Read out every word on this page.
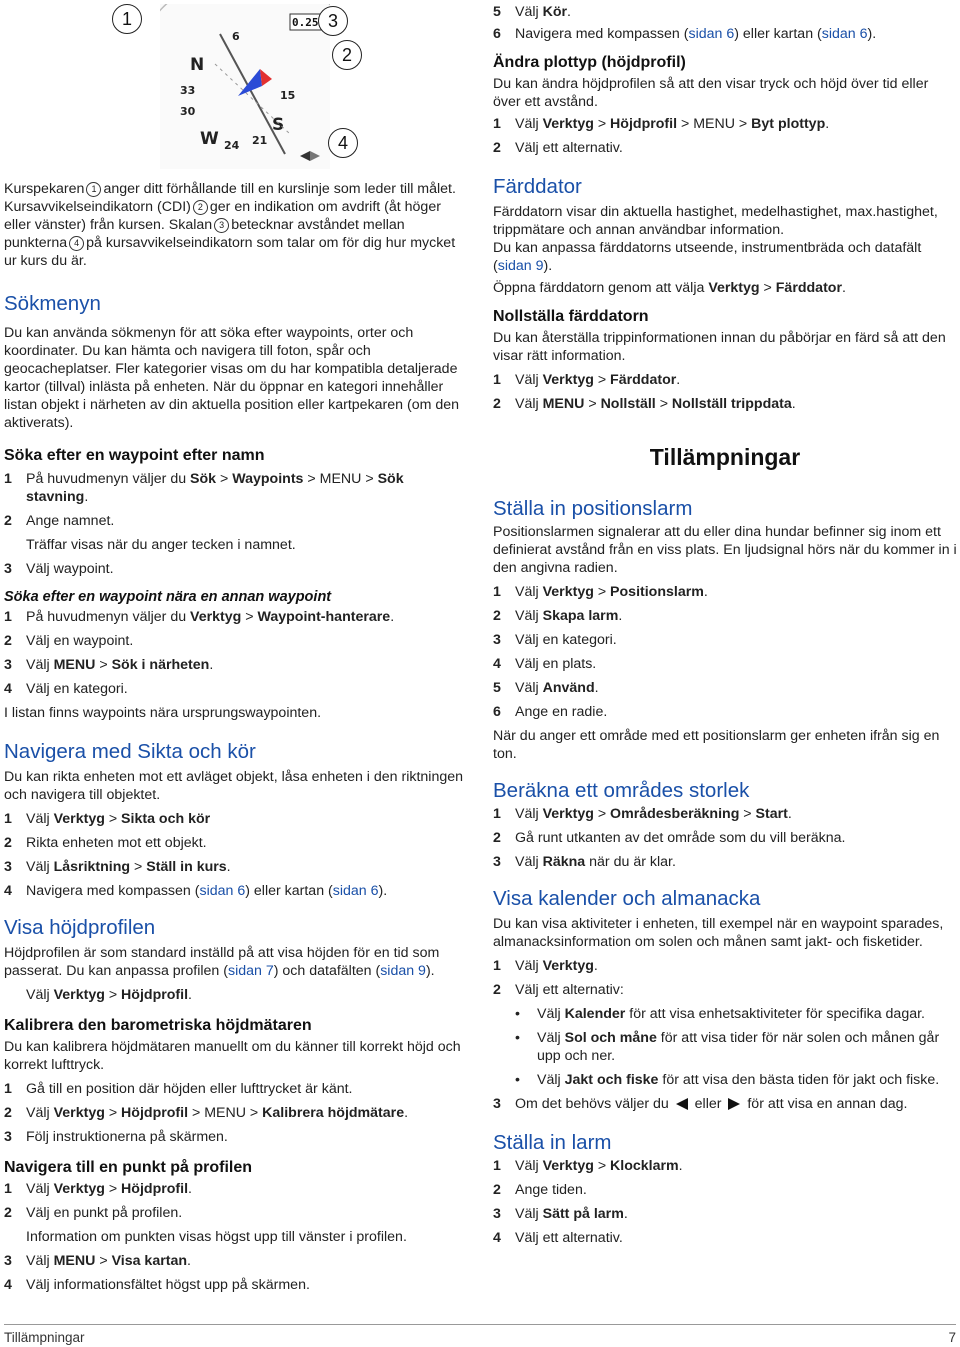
N
33
30
W 24 21
S
15
6
0.25
1	3
2
4

Kurspekaren 1 anger ditt förhållande till en kurslinje som leder till målet. Kursavvikelseindikatorn (CDI) 2 ger en indikation om avdrift (åt höger eller vänster) från kursen. Skalan 3 betecknar avståndet mellan punkterna 4 på kursavvikelseindikatorn som talar om för dig hur mycket ur kurs du är.

Sökmenyn

Du kan använda sökmenyn för att söka efter waypoints, orter och koordinater. Du kan hämta och navigera till foton, spår och geocacheplatser. Fler kategorier visas om du har kompatibla detaljerade kartor (tillval) inlästa på enheten. När du öppnar en kategori innehåller listan objekt i närheten av din aktuella position eller kartpekaren (om den aktiverats).

Söka efter en waypoint efter namn

1 På huvudmenyn väljer du Sök > Waypoints > MENU > Sök stavning.
2 Ange namnet.

Träffar visas när du anger tecken i namnet.

3 Välj waypoint.

Söka efter en waypoint nära en annan waypoint

1 På huvudmenyn väljer du Verktyg > Waypoint-hanterare.
2 Välj en waypoint.
3 Välj MENU > Sök i närheten.
4 Välj en kategori.

I listan finns waypoints nära ursprungswaypointen.

Navigera med Sikta och kör

Du kan rikta enheten mot ett avläget objekt, låsa enheten i den riktningen och navigera till objektet.

1 Välj Verktyg > Sikta och kör
2 Rikta enheten mot ett objekt.
3 Välj Låsriktning > Ställ in kurs.
4 Navigera med kompassen (sidan 6) eller kartan (sidan 6).

Visa höjdprofilen

Höjdprofilen är som standard inställd på att visa höjden för en tid som passerat. Du kan anpassa profilen (sidan 7) och datafälten (sidan 9).

Välj Verktyg > Höjdprofil.

Kalibrera den barometriska höjdmätaren

Du kan kalibrera höjdmätaren manuellt om du känner till korrekt höjd och korrekt lufttryck.

1 Gå till en position där höjden eller lufttrycket är känt.
2 Välj Verktyg > Höjdprofil > MENU > Kalibrera höjdmätare.
3 Följ instruktionerna på skärmen.

Navigera till en punkt på profilen

1 Välj Verktyg > Höjdprofil.
2 Välj en punkt på profilen.

Information om punkten visas högst upp till vänster i profilen.

3 Välj MENU > Visa kartan.
4 Välj informationsfältet högst upp på skärmen.
5 Välj Kör.
6 Navigera med kompassen (sidan 6) eller kartan (sidan 6).

Ändra plottyp (höjdprofil)

Du kan ändra höjdprofilen så att den visar tryck och höjd över tid eller över ett avstånd.

1 Välj Verktyg > Höjdprofil > MENU > Byt plottyp.
2 Välj ett alternativ.

Färddator

Färddatorn visar din aktuella hastighet, medelhastighet, max.hastighet, trippmätare och annan användbar information.

Du kan anpassa färddatorns utseende, instrumentbräda och datafält (sidan 9).

Öppna färddatorn genom att välja Verktyg > Färddator.

Nollställa färddatorn

Du kan återställa trippinformationen innan du påbörjar en färd så att den visar rätt information.

1 Välj Verktyg > Färddator.
2 Välj MENU > Nollställ > Nollställ trippdata.

Tillämpningar

Ställa in positionslarm

Positionslarmen signalerar att du eller dina hundar befinner sig inom ett definierat avstånd från en viss plats. En ljudsignal hörs när du kommer in i den angivna radien.

1 Välj Verktyg > Positionslarm.
2 Välj Skapa larm.
3 Välj en kategori.
4 Välj en plats.
5 Välj Använd.
6 Ange en radie.

När du anger ett område med ett positionslarm ger enheten ifrån sig en ton.

Beräkna ett områdes storlek

1 Välj Verktyg > Områdesberäkning > Start.
2 Gå runt utkanten av det område som du vill beräkna.
3 Välj Räkna när du är klar.

Visa kalender och almanacka

Du kan visa aktiviteter i enheten, till exempel när en waypoint sparades, almanacksinformation om solen och månen samt jakt- och fisketider.

1 Välj Verktyg.
2 Välj ett alternativ:
•	Välj Kalender för att visa enhetsaktiviteter för specifika dagar.
•	Välj Sol och måne för att visa tider för när solen och månen går upp och ner.
•	Välj Jakt och fiske för att visa den bästa tiden för jakt och fiske.
3 Om det behövs väljer du  eller  för att visa en annan dag.

Ställa in larm

1 Välj Verktyg > Klocklarm.
2 Ange tiden.
3 Välj Sätt på larm.
4 Välj ett alternativ.
Tillämpningar	7
